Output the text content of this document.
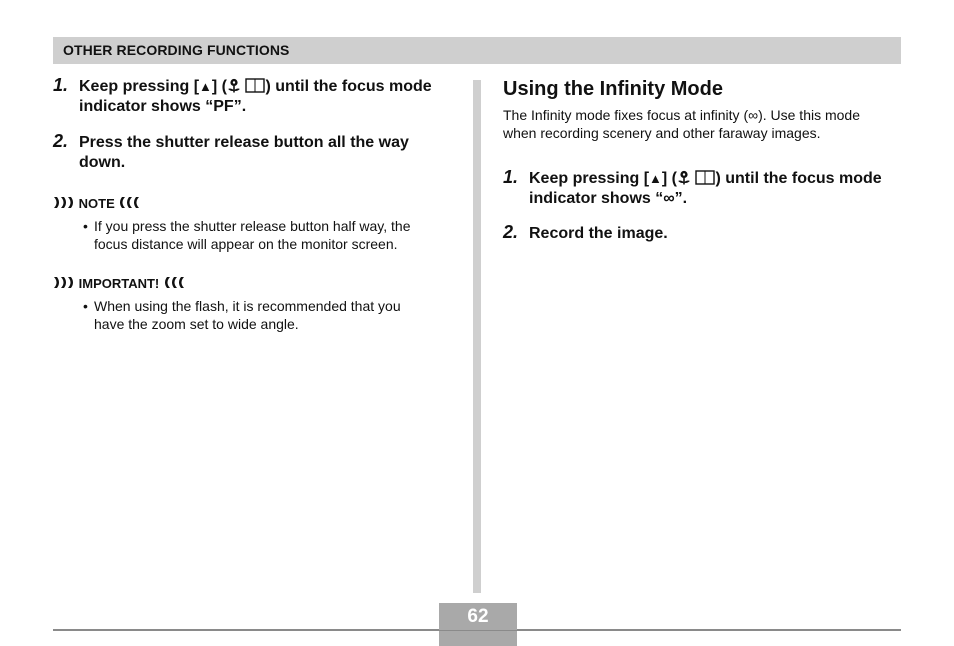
OTHER RECORDING FUNCTIONS
1. Keep pressing [▲] ( ) until the focus mode
indicator shows “PF”.
2. Press the shutter release button all the way
down.
NOTE
• If you press the shutter release button half way, the
focus distance will appear on the monitor screen.
IMPORTANT!
• When using the flash, it is recommended that you
have the zoom set to wide angle.
Using the Infinity Mode
The Infinity mode fixes focus at infinity (∞). Use this mode
when recording scenery and other faraway images.
1. Keep pressing [▲] ( ) until the focus mode
indicator shows “∞”.
2. Record the image.
62
